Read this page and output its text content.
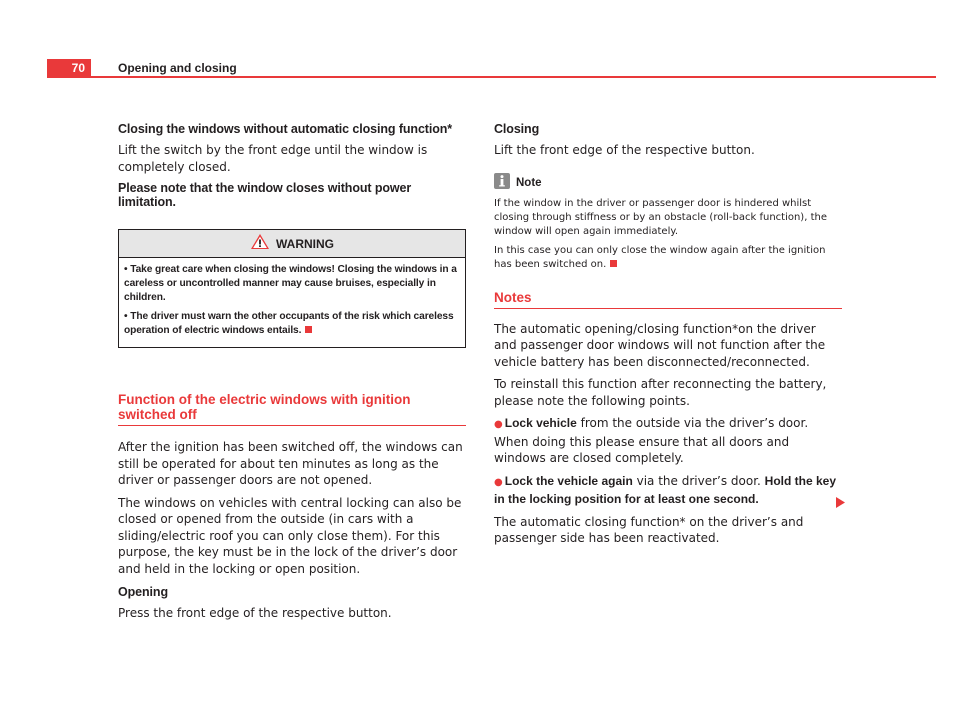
70	Opening and closing
Closing the windows without automatic closing function*
Lift the switch by the front edge until the window is completely closed.
Please note that the window closes without power limitation.
WARNING
• Take great care when closing the windows! Closing the windows in a careless or uncontrolled manner may cause bruises, especially in children.
• The driver must warn the other occupants of the risk which careless operation of electric windows entails.
Function of the electric windows with ignition switched off
After the ignition has been switched off, the windows can still be operated for about ten minutes as long as the driver or passenger doors are not opened.
The windows on vehicles with central locking can also be closed or opened from the outside (in cars with a sliding/electric roof you can only close them). For this purpose, the key must be in the lock of the driver’s door and held in the locking or open position.
Opening
Press the front edge of the respective button.
Closing
Lift the front edge of the respective button.
Note
If the window in the driver or passenger door is hindered whilst closing through stiffness or by an obstacle (roll-back function), the window will open again immediately.
In this case you can only close the window again after the ignition has been switched on.
Notes
The automatic opening/closing function*on the driver and passenger door windows will not function after the vehicle battery has been disconnected/reconnected.
To reinstall this function after reconnecting the battery, please note the following points.
● Lock vehicle from the outside via the driver’s door. When doing this please ensure that all doors and windows are closed completely.
● Lock the vehicle again via the driver’s door. Hold the key in the locking position for at least one second.
The automatic closing function* on the driver’s and passenger side has been reactivated.
